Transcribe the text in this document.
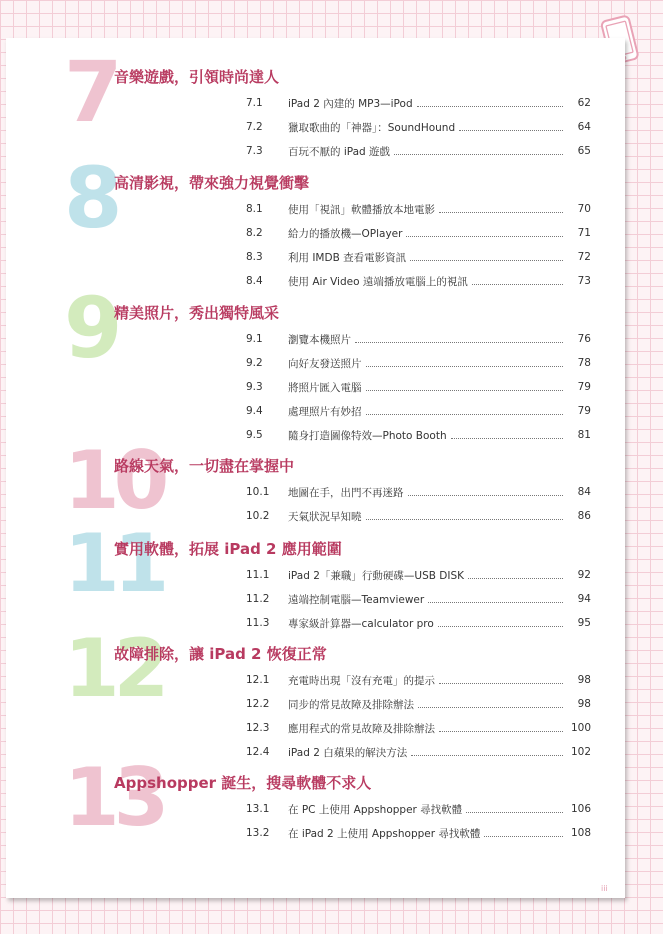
7
音樂遊戲，引領時尚達人
7.1 iPad 2 內建的 MP3—iPod	62
7.2 獵取歌曲的「神器」：SoundHound	64
7.3 百玩不厭的 iPad 遊戲	65
8
高清影視，帶來強力視覺衝擊
8.1 使用「視訊」軟體播放本地電影	70
8.2 給力的播放機—OPlayer	71
8.3 利用 IMDB 查看電影資訊	72
8.4 使用 Air Video 遠端播放電腦上的視訊	73
9
精美照片，秀出獨特風采
9.1 瀏覽本機照片	76
9.2 向好友發送照片	78
9.3 將照片匯入電腦	79
9.4 處理照片有妙招	79
9.5 隨身打造圖像特效—Photo Booth	81
10
路線天氣，一切盡在掌握中
10.1 地圖在手，出門不再迷路	84
10.2 天氣狀況早知曉	86
11
實用軟體，拓展 iPad 2 應用範圍
11.1 iPad 2「兼職」行動硬碟—USB DISK	92
11.2 遠端控制電腦—Teamviewer	94
11.3 專家級計算器—calculator pro	95
12
故障排除，讓 iPad 2 恢復正常
12.1 充電時出現「沒有充電」的提示	98
12.2 同步的常見故障及排除辦法	98
12.3 應用程式的常見故障及排除辦法	100
12.4 iPad 2 白蘋果的解決方法	102
13
Appshopper 誕生，搜尋軟體不求人
13.1 在 PC 上使用 Appshopper 尋找軟體	106
13.2 在 iPad 2 上使用 Appshopper 尋找軟體	108
iii
